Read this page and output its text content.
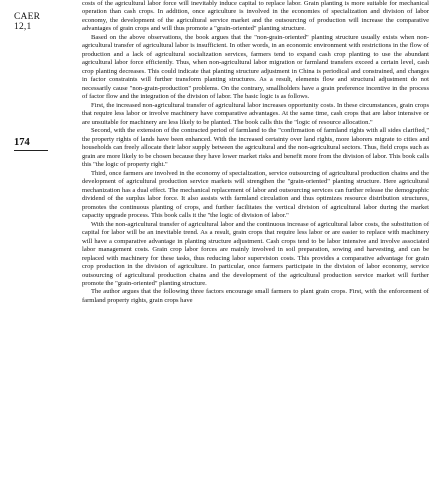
CAER
12,1
174

costs of the agricultural labor force will inevitably induce capital to replace labor. Grain planting is more suitable for mechanical operation than cash crops. In addition, once agriculture is involved in the economies of specialization and division of labor economy, the development of the agricultural service market and the outsourcing of production will increase the comparative advantages of grain crops and will thus promote a "grain-oriented" planting structure.

Based on the above observations, the book argues that the "non-grain-oriented" planting structure usually exists when non-agricultural transfer of agricultural labor is insufficient. In other words, in an economic environment with restrictions in the flow of production and a lack of agricultural socialization services, farmers tend to expand cash crop planting to use the abundant agricultural labor force efficiently. Thus, when non-agricultural labor migration or farmland transfers exceed a certain level, cash crop planting decreases. This could indicate that planting structure adjustment in China is periodical and constrained, and changes in factor constraints will further transform planting structures. As a result, elements flow and structural adjustment do not necessarily cause "non-grain-production" problems. On the contrary, smallholders have a grain preference incentive in the process of factor flow and the integration of the division of labor. The basic logic is as follows.

First, the increased non-agricultural transfer of agricultural labor increases opportunity costs. In these circumstances, grain crops that require less labor or involve machinery have comparative advantages. At the same time, cash crops that are labor intensive or are unsuitable for machinery are less likely to be planted. The book calls this the "logic of resource allocation."

Second, with the extension of the contracted period of farmland to the "confirmation of farmland rights with all sides clarified," the property rights of lands have been enhanced. With the increased certainty over land rights, more laborers migrate to cities and households can freely allocate their labor supply between the agricultural and the non-agricultural sectors. Thus, field crops such as grain are more likely to be chosen because they have lower market risks and benefit more from the division of labor. This book calls this "the logic of property right."

Third, once farmers are involved in the economy of specialization, service outsourcing of agricultural production chains and the development of agricultural production service markets will strengthen the "grain-oriented" planting structure. Here agricultural mechanization has a dual effect. The mechanical replacement of labor and outsourcing services can further release the demographic dividend of the surplus labor force. It also assists with farmland circulation and thus optimizes resource distribution structures, promotes the continuous planting of crops, and further facilitates the vertical division of agricultural labor during the market capacity upgrade process. This book calls it the "the logic of division of labor."

With the non-agricultural transfer of agricultural labor and the continuous increase of agricultural labor costs, the substitution of capital for labor will be an inevitable trend. As a result, grain crops that require less labor or are easier to replace with machinery will have a comparative advantage in planting structure adjustment. Cash crops tend to be labor intensive and involve associated labor management costs. Grain crop labor forces are mainly involved in soil preparation, sowing and harvesting, and can be replaced with machinery for these tasks, thus reducing labor supervision costs. This provides a comparative advantage for grain crop production in the division of agriculture. In particular, once farmers participate in the division of labor economy, service outsourcing of agricultural production chains and the development of the agricultural production service market will further promote the "grain-oriented" planting structure.

The author argues that the following three factors encourage small farmers to plant grain crops. First, with the enforcement of farmland property rights, grain crops have
